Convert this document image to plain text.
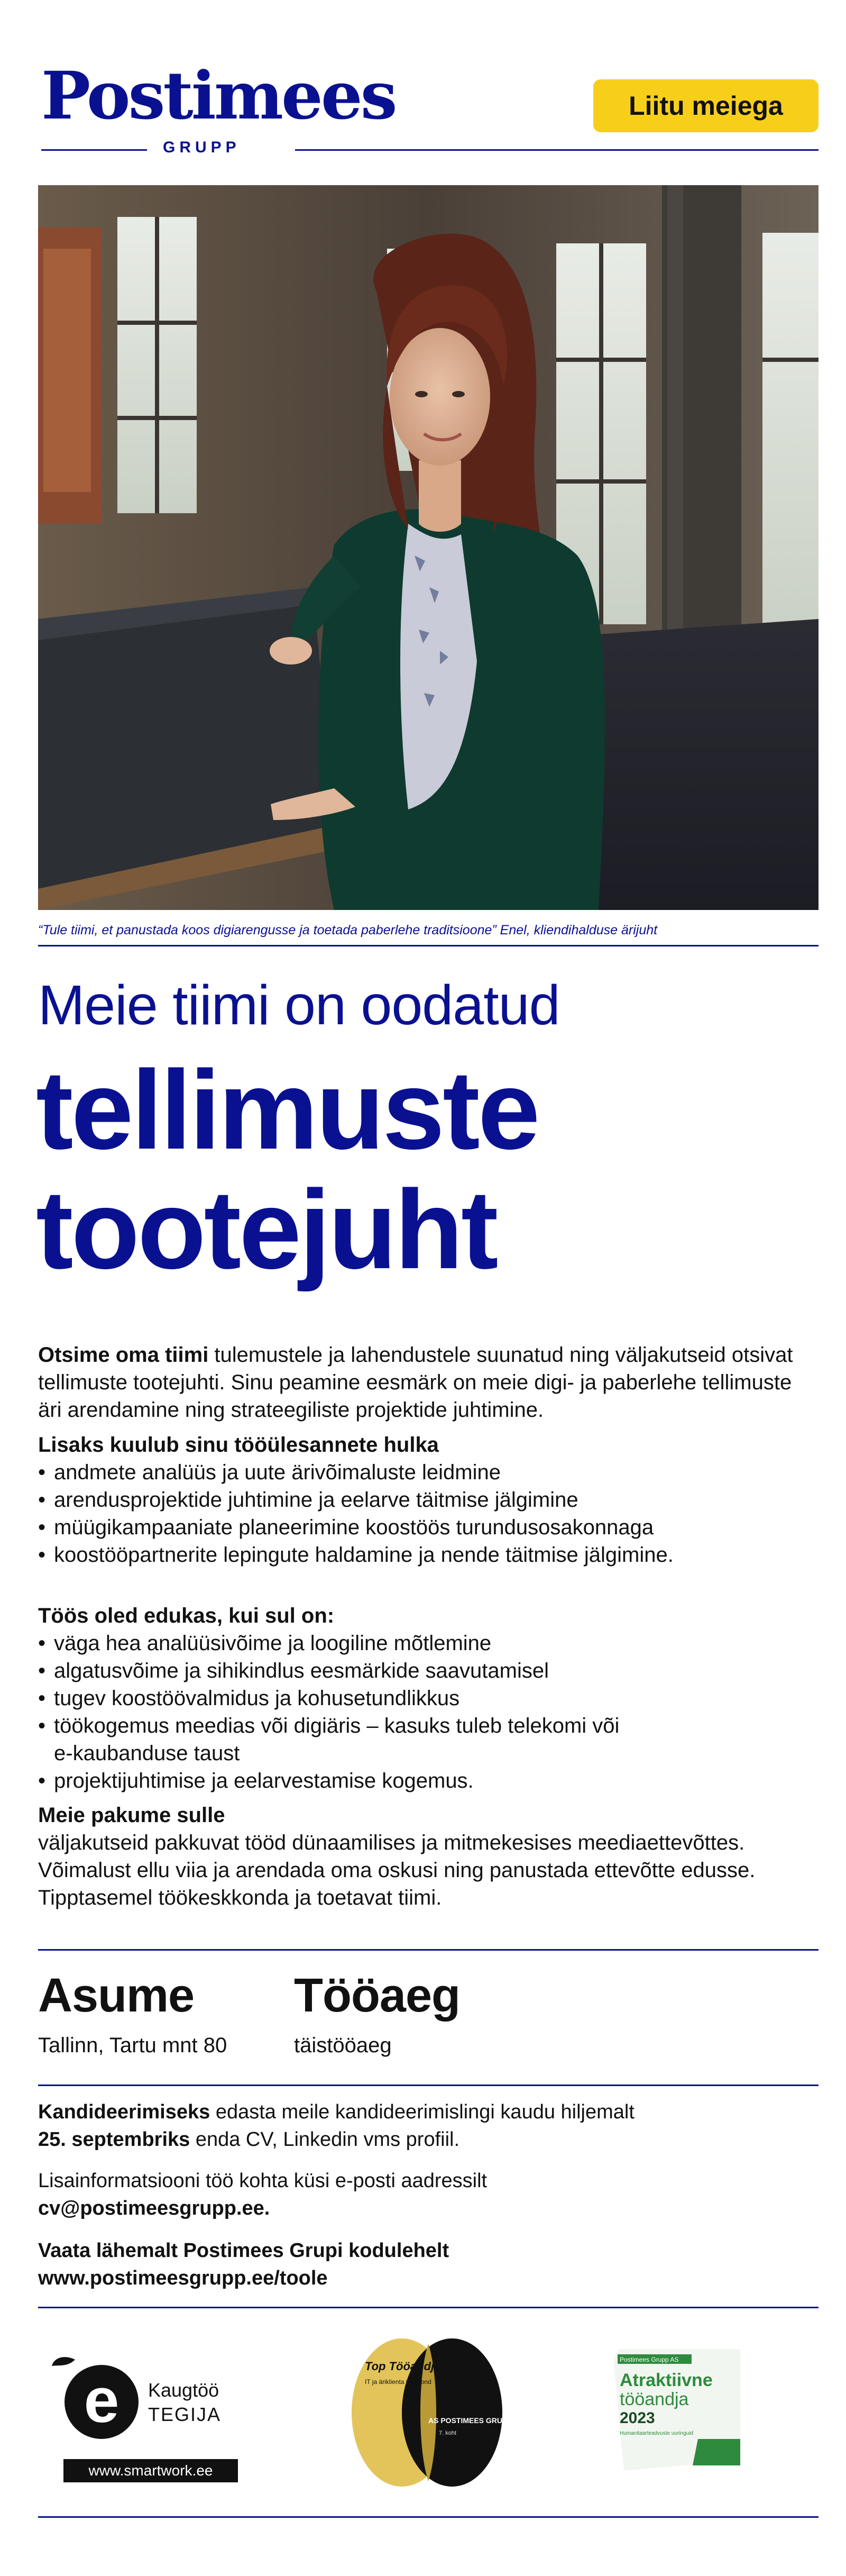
Postimees
GRUPP
Liitu meiega
“Tule tiimi, et panustada koos digiarengusse ja toetada paberlehe traditsioone” Enel, kliendihalduse ärijuht
Meie tiimi on oodatud
tellimuste
tootejuht
Otsime oma tiimi tulemustele ja lahendustele suunatud ning väljakutseid otsivat tellimuste tootejuhti. Sinu peamine eesmärk on meie digi- ja paberlehe tellimuste äri arendamine ning strateegiliste projektide juhtimine.
Lisaks kuulub sinu tööülesannete hulka
• andmete analüüs ja uute ärivõimaluste leidmine
• arendusprojektide juhtimine ja eelarve täitmise jälgimine
• müügikampaaniate planeerimine koostöös turundusosakonnaga
• koostööpartnerite lepingute haldamine ja nende täitmise jälgimine.
Töös oled edukas, kui sul on:
• väga hea analüüsivõime ja loogiline mõtlemine
• algatusvõime ja sihikindlus eesmärkide saavutamisel
• tugev koostöövalmidus ja kohusetundlikkus
• töökogemus meedias või digiäris – kasuks tuleb telekomi või e-kaubanduse taust
• projektijuhtimise ja eelarvestamise kogemus.
Meie pakume sulle
väljakutseid pakkuvat tööd dünaamilises ja mitmekesises meediaettevõttes.
Võimalust ellu viia ja arendada oma oskusi ning panustada ettevõtte edusse.
Tipptasemel töökeskkonda ja toetavat tiimi.
Asume
Tallinn, Tartu mnt 80
Tööaeg
täistööaeg
Kandideerimiseks edasta meile kandideerimislingi kaudu hiljemalt
25. septembriks enda CV, Linkedin vms profiil.
Lisainformatsiooni töö kohta küsi e-posti aadressilt
cv@postimeesgrupp.ee.
Vaata lähemalt Postimees Grupi kodulehelt
www.postimeesgrupp.ee/toole
e Kaugtöö
TEGIJA
www.smartwork.ee
Top Tööandja
IT ja äriklienta valdkond
AS POSTIMEES GRUPP
7. koht
Postimees Grupp AS
Atraktiivne
tööandja
2023
Humanitaarteadvuste uuringuid
